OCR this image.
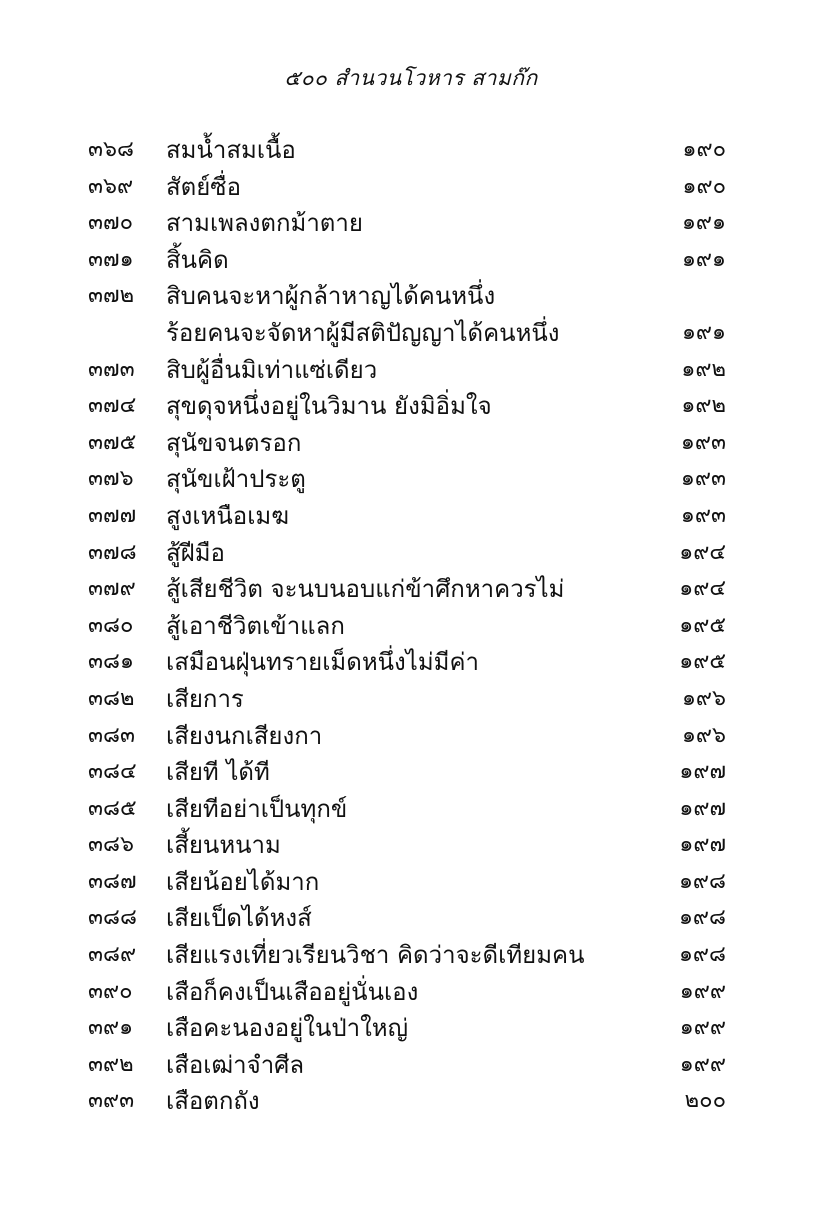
๕๐๐ สำนวนโวหาร สามก๊ก
๓๖๘	สมน้ำสมเนื้อ	๑๙๐
๓๖๙	สัตย์ซื่อ	๑๙๐
๓๗๐	สามเพลงตกม้าตาย	๑๙๑
๓๗๑	สิ้นคิด	๑๙๑
๓๗๒	สิบคนจะหาผู้กล้าหาญได้คนหนึ่ง
ร้อยคนจะจัดหาผู้มีสติปัญญาได้คนหนึ่ง	๑๙๑
๓๗๓	สิบผู้อื่นมิเท่าแซ่เดียว	๑๙๒
๓๗๔	สุขดุจหนึ่งอยู่ในวิมาน ยังมิอิ่มใจ	๑๙๒
๓๗๕	สุนัขจนตรอก	๑๙๓
๓๗๖	สุนัขเฝ้าประตู	๑๙๓
๓๗๗	สูงเหนือเมฆ	๑๙๓
๓๗๘	สู้ฝีมือ	๑๙๔
๓๗๙	สู้เสียชีวิต จะนบนอบแก่ข้าศึกหาควรไม่	๑๙๔
๓๘๐	สู้เอาชีวิตเข้าแลก	๑๙๕
๓๘๑	เสมือนฝุ่นทรายเม็ดหนึ่งไม่มีค่า	๑๙๕
๓๘๒	เสียการ	๑๙๖
๓๘๓	เสียงนกเสียงกา	๑๙๖
๓๘๔	เสียที ได้ที	๑๙๗
๓๘๕	เสียทีอย่าเป็นทุกข์	๑๙๗
๓๘๖	เสี้ยนหนาม	๑๙๗
๓๘๗	เสียน้อยได้มาก	๑๙๘
๓๘๘	เสียเป็ดได้หงส์	๑๙๘
๓๘๙	เสียแรงเที่ยวเรียนวิชา คิดว่าจะดีเทียมคน	๑๙๘
๓๙๐	เสือก็คงเป็นเสืออยู่นั่นเอง	๑๙๙
๓๙๑	เสือคะนองอยู่ในป่าใหญ่	๑๙๙
๓๙๒	เสือเฒ่าจำศีล	๑๙๙
๓๙๓	เสือตกถัง	๒๐๐
